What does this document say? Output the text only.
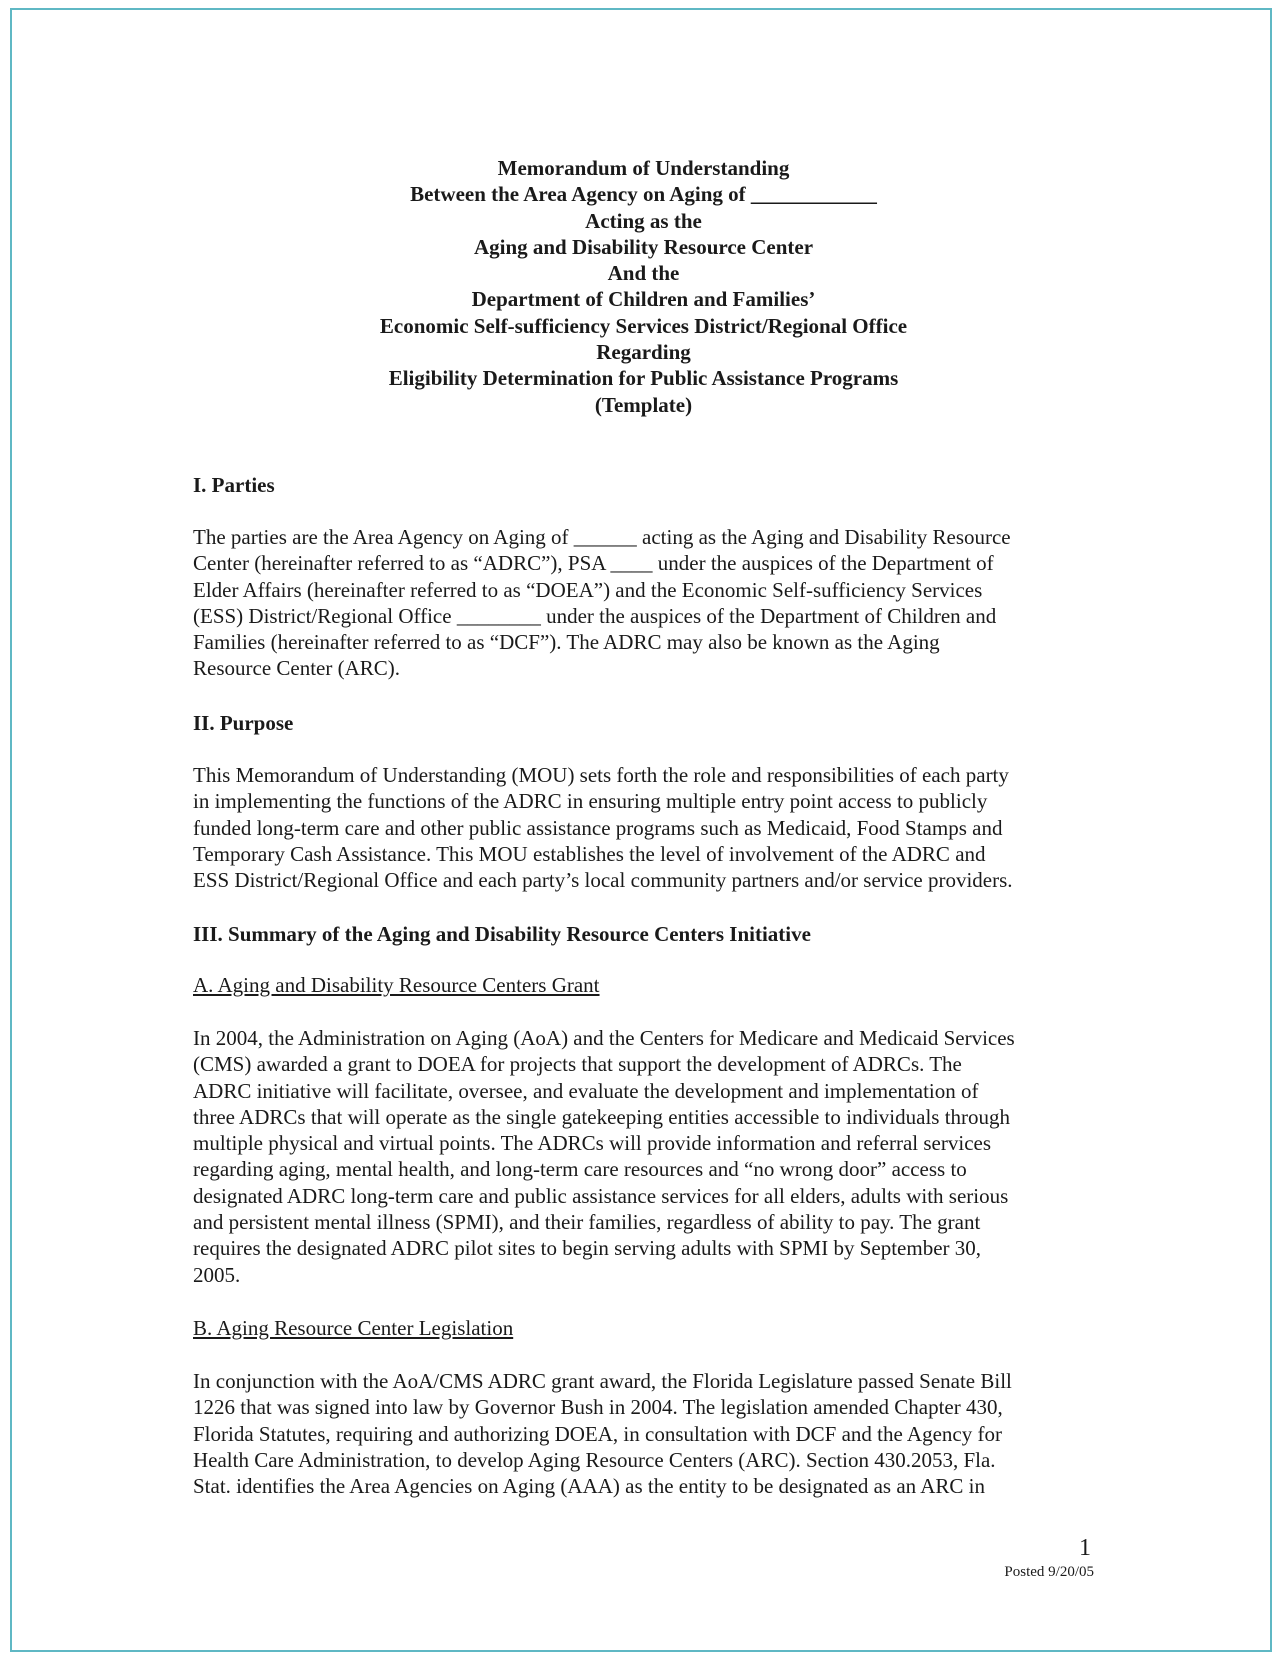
Memorandum of Understanding
Between the Area Agency on Aging of ____________
Acting as the
Aging and Disability Resource Center
And the
Department of Children and Families’
Economic Self-sufficiency Services District/Regional Office
Regarding
Eligibility Determination for Public Assistance Programs
(Template)
I. Parties
The parties are the Area Agency on Aging of ______ acting as the Aging and Disability Resource
Center (hereinafter referred to as “ADRC”), PSA ____ under the auspices of the Department of
Elder Affairs (hereinafter referred to as “DOEA”) and the Economic Self-sufficiency Services
(ESS) District/Regional Office ________ under the auspices of the Department of Children and
Families (hereinafter referred to as “DCF”). The ADRC may also be known as the Aging
Resource Center (ARC).
II. Purpose
This Memorandum of Understanding (MOU) sets forth the role and responsibilities of each party
in implementing the functions of the ADRC in ensuring multiple entry point access to publicly
funded long-term care and other public assistance programs such as Medicaid, Food Stamps and
Temporary Cash Assistance. This MOU establishes the level of involvement of the ADRC and
ESS District/Regional Office and each party’s local community partners and/or service providers.
III. Summary of the Aging and Disability Resource Centers Initiative
A. Aging and Disability Resource Centers Grant
In 2004, the Administration on Aging (AoA) and the Centers for Medicare and Medicaid Services
(CMS) awarded a grant to DOEA for projects that support the development of ADRCs. The
ADRC initiative will facilitate, oversee, and evaluate the development and implementation of
three ADRCs that will operate as the single gatekeeping entities accessible to individuals through
multiple physical and virtual points. The ADRCs will provide information and referral services
regarding aging, mental health, and long-term care resources and “no wrong door” access to
designated ADRC long-term care and public assistance services for all elders, adults with serious
and persistent mental illness (SPMI), and their families, regardless of ability to pay. The grant
requires the designated ADRC pilot sites to begin serving adults with SPMI by September 30,
2005.
B. Aging Resource Center Legislation
In conjunction with the AoA/CMS ADRC grant award, the Florida Legislature passed Senate Bill
1226 that was signed into law by Governor Bush in 2004. The legislation amended Chapter 430,
Florida Statutes, requiring and authorizing DOEA, in consultation with DCF and the Agency for
Health Care Administration, to develop Aging Resource Centers (ARC). Section 430.2053, Fla.
Stat. identifies the Area Agencies on Aging (AAA) as the entity to be designated as an ARC in
1
Posted 9/20/05
